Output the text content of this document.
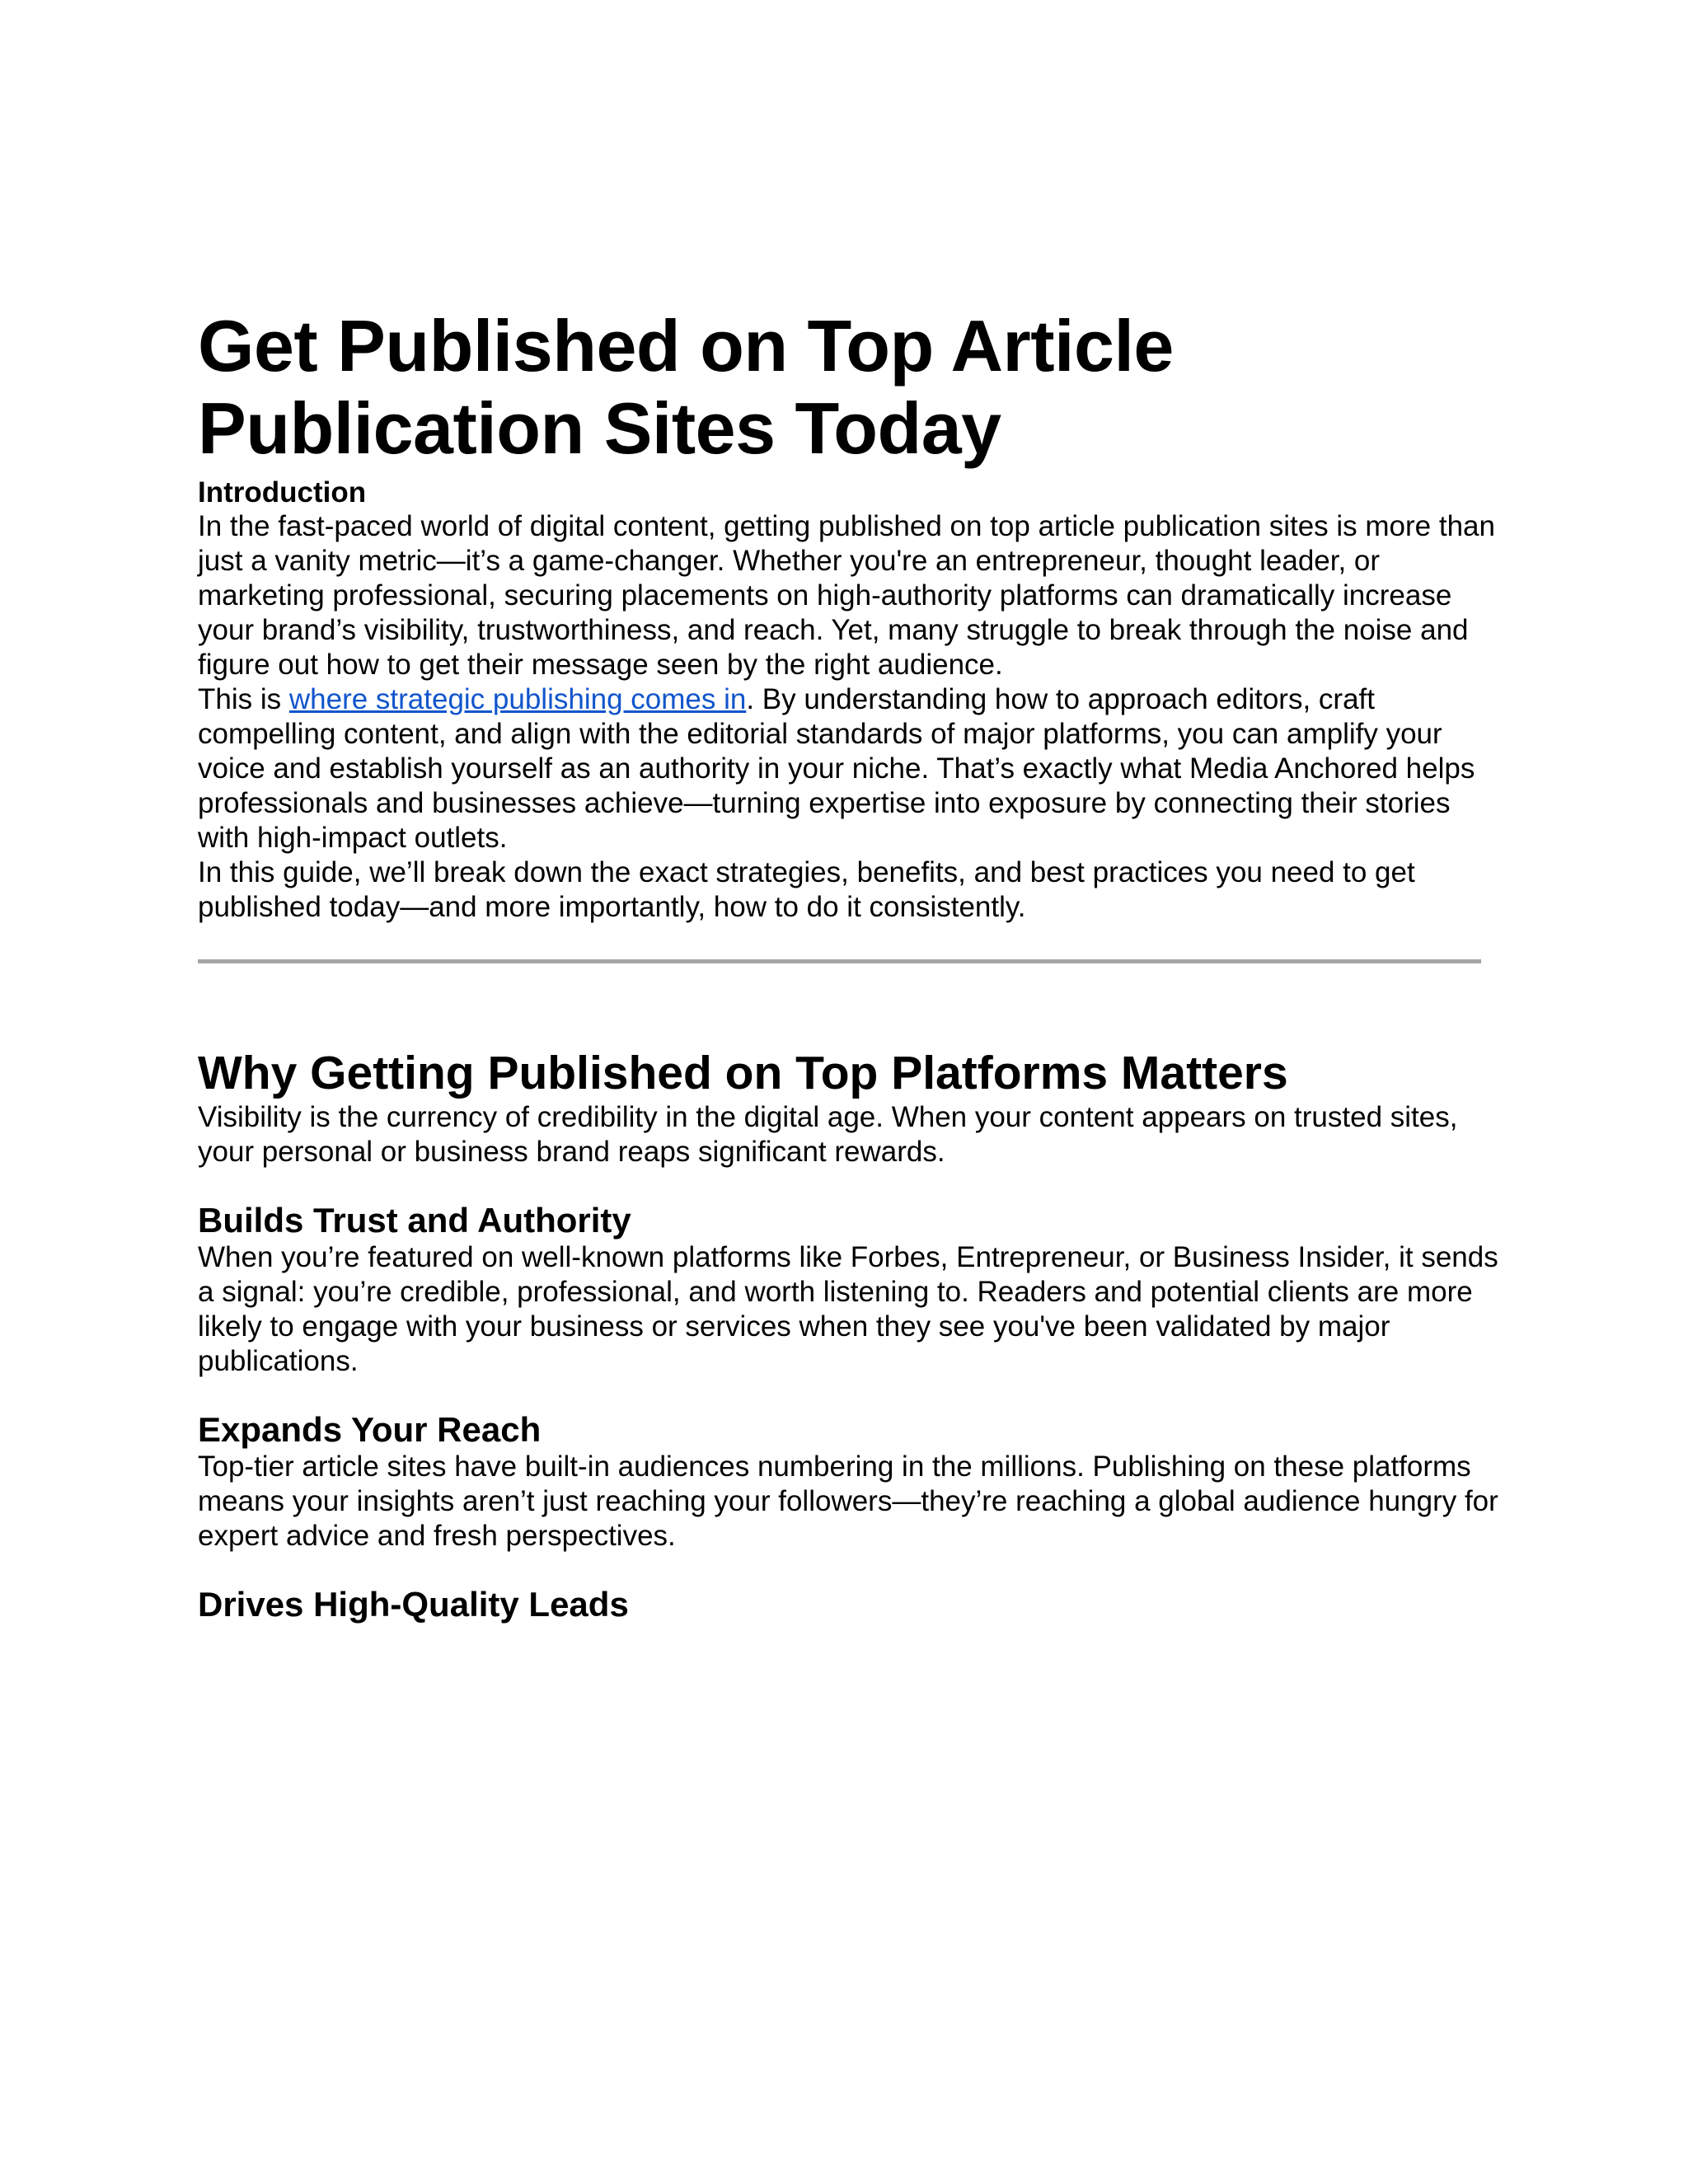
Get Published on Top Article
Publication Sites Today
Introduction

In the fast-paced world of digital content, getting published on top article publication sites is more than just a vanity metric—it’s a game-changer. Whether you're an entrepreneur, thought leader, or marketing professional, securing placements on high-authority platforms can dramatically increase your brand’s visibility, trustworthiness, and reach. Yet, many struggle to break through the noise and figure out how to get their message seen by the right audience.

This is where strategic publishing comes in. By understanding how to approach editors, craft compelling content, and align with the editorial standards of major platforms, you can amplify your voice and establish yourself as an authority in your niche. That’s exactly what Media Anchored helps professionals and businesses achieve—turning expertise into exposure by connecting their stories with high-impact outlets.

In this guide, we’ll break down the exact strategies, benefits, and best practices you need to get published today—and more importantly, how to do it consistently.

Why Getting Published on Top Platforms Matters

Visibility is the currency of credibility in the digital age. When your content appears on trusted sites, your personal or business brand reaps significant rewards.

Builds Trust and Authority

When you’re featured on well-known platforms like Forbes, Entrepreneur, or Business Insider, it sends a signal: you’re credible, professional, and worth listening to. Readers and potential clients are more likely to engage with your business or services when they see you've been validated by major publications.

Expands Your Reach

Top-tier article sites have built-in audiences numbering in the millions. Publishing on these platforms means your insights aren’t just reaching your followers—they’re reaching a global audience hungry for expert advice and fresh perspectives.

Drives High-Quality Leads
